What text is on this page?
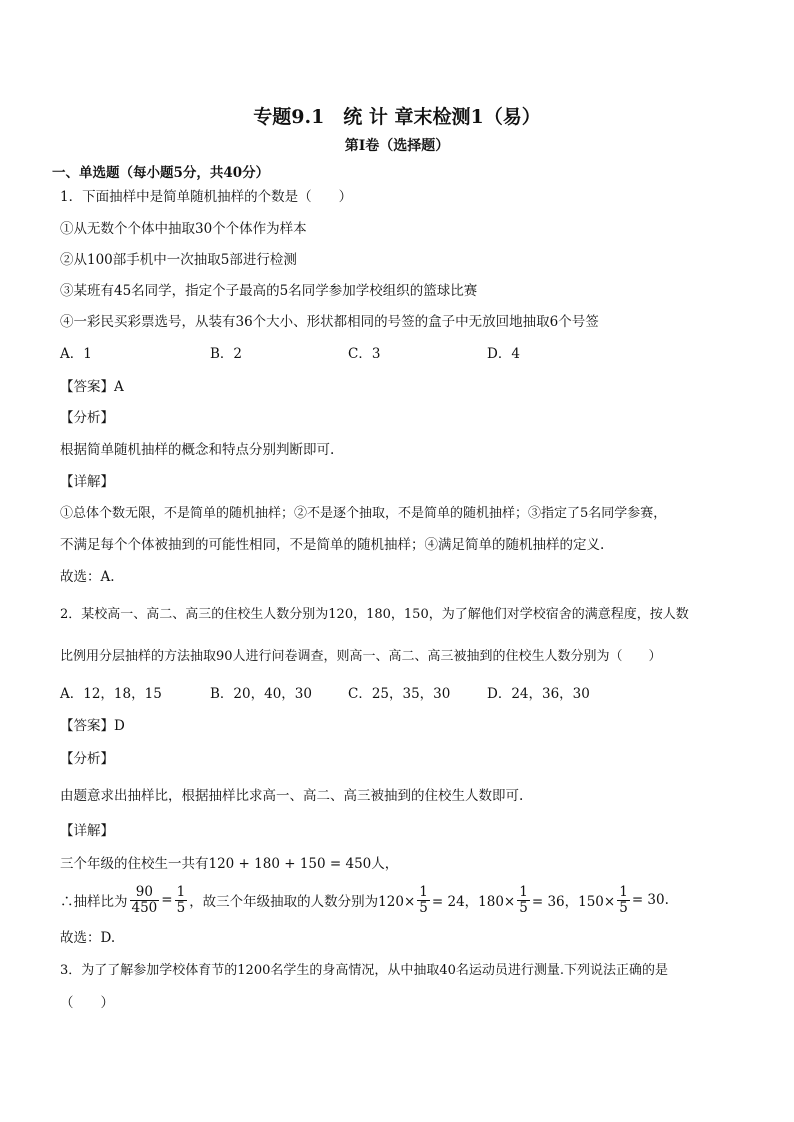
专题9.1　统 计 章末检测1（易）
第I卷（选择题）
一、单选题（每小题5分，共40分）
1．下面抽样中是简单随机抽样的个数是（　　）
①从无数个个体中抽取30个个体作为样本
②从100部手机中一次抽取5部进行检测
③某班有45名同学，指定个子最高的5名同学参加学校组织的篮球比赛
④一彩民买彩票选号，从装有36个大小、形状都相同的号签的盒子中无放回地抽取6个号签
A．1	B．2	C．3	D．4
【答案】A
【分析】
根据简单随机抽样的概念和特点分别判断即可.
【详解】
①总体个数无限，不是简单的随机抽样；②不是逐个抽取，不是简单的随机抽样；③指定了5名同学参赛，
不满足每个个体被抽到的可能性相同，不是简单的随机抽样；④满足简单的随机抽样的定义.
故选：A.
2．某校高一、高二、高三的住校生人数分别为120，180，150，为了解他们对学校宿舍的满意程度，按人数
比例用分层抽样的方法抽取90人进行问卷调查，则高一、高二、高三被抽到的住校生人数分别为（　　）
A．12，18，15	B．20，40，30	C．25，35，30	D．24，36，30
【答案】D
【分析】
由题意求出抽样比，根据抽样比求高一、高二、高三被抽到的住校生人数即可.
【详解】
三个年级的住校生一共有120 + 180 + 150 = 450人，
∴抽样比为 $\frac{90}{450} = \frac{1}{5}$ ，故三个年级抽取的人数分别为$120\times \frac{1}{5} = 24$，$180\times \frac{1}{5} = 36$，$150\times \frac{1}{5} = 30$.
故选：D.
3．为了了解参加学校体育节的1200名学生的身高情况，从中抽取40名运动员进行测量.下列说法正确的是
（　　）
